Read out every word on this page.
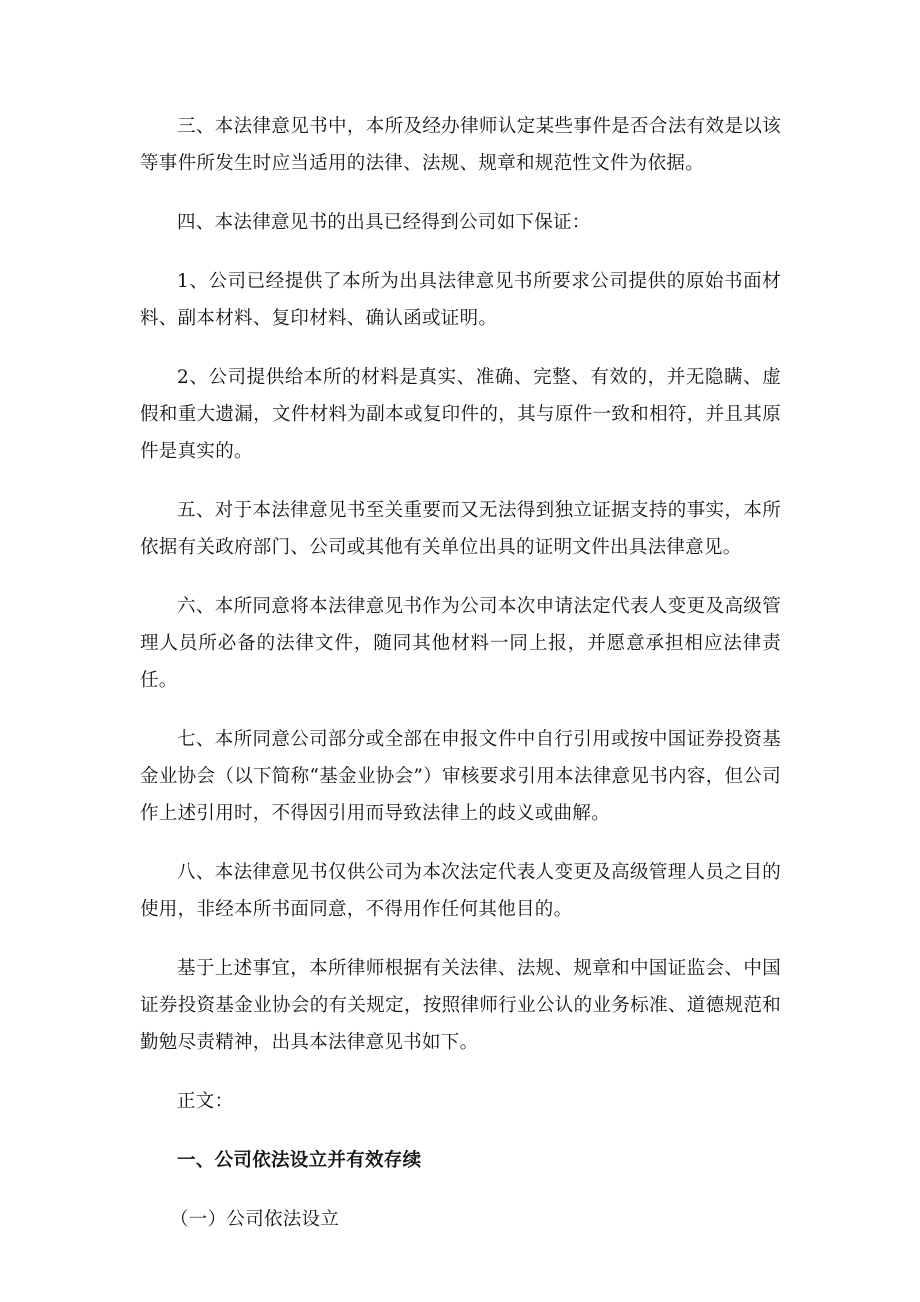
三、本法律意见书中，本所及经办律师认定某些事件是否合法有效是以该等事件所发生时应当适用的法律、法规、规章和规范性文件为依据。

四、本法律意见书的出具已经得到公司如下保证：

1、公司已经提供了本所为出具法律意见书所要求公司提供的原始书面材料、副本材料、复印材料、确认函或证明。

2、公司提供给本所的材料是真实、准确、完整、有效的，并无隐瞒、虚假和重大遗漏，文件材料为副本或复印件的，其与原件一致和相符，并且其原件是真实的。

五、对于本法律意见书至关重要而又无法得到独立证据支持的事实，本所依据有关政府部门、公司或其他有关单位出具的证明文件出具法律意见。

六、本所同意将本法律意见书作为公司本次申请法定代表人变更及高级管理人员所必备的法律文件，随同其他材料一同上报，并愿意承担相应法律责任。

七、本所同意公司部分或全部在申报文件中自行引用或按中国证券投资基金业协会（以下简称“基金业协会”）审核要求引用本法律意见书内容，但公司作上述引用时，不得因引用而导致法律上的歧义或曲解。

八、本法律意见书仅供公司为本次法定代表人变更及高级管理人员之目的使用，非经本所书面同意，不得用作任何其他目的。

基于上述事宜，本所律师根据有关法律、法规、规章和中国证监会、中国证券投资基金业协会的有关规定，按照律师行业公认的业务标准、道德规范和勤勉尽责精神，出具本法律意见书如下。

正文：

一、公司依法设立并有效存续

（一）公司依法设立
